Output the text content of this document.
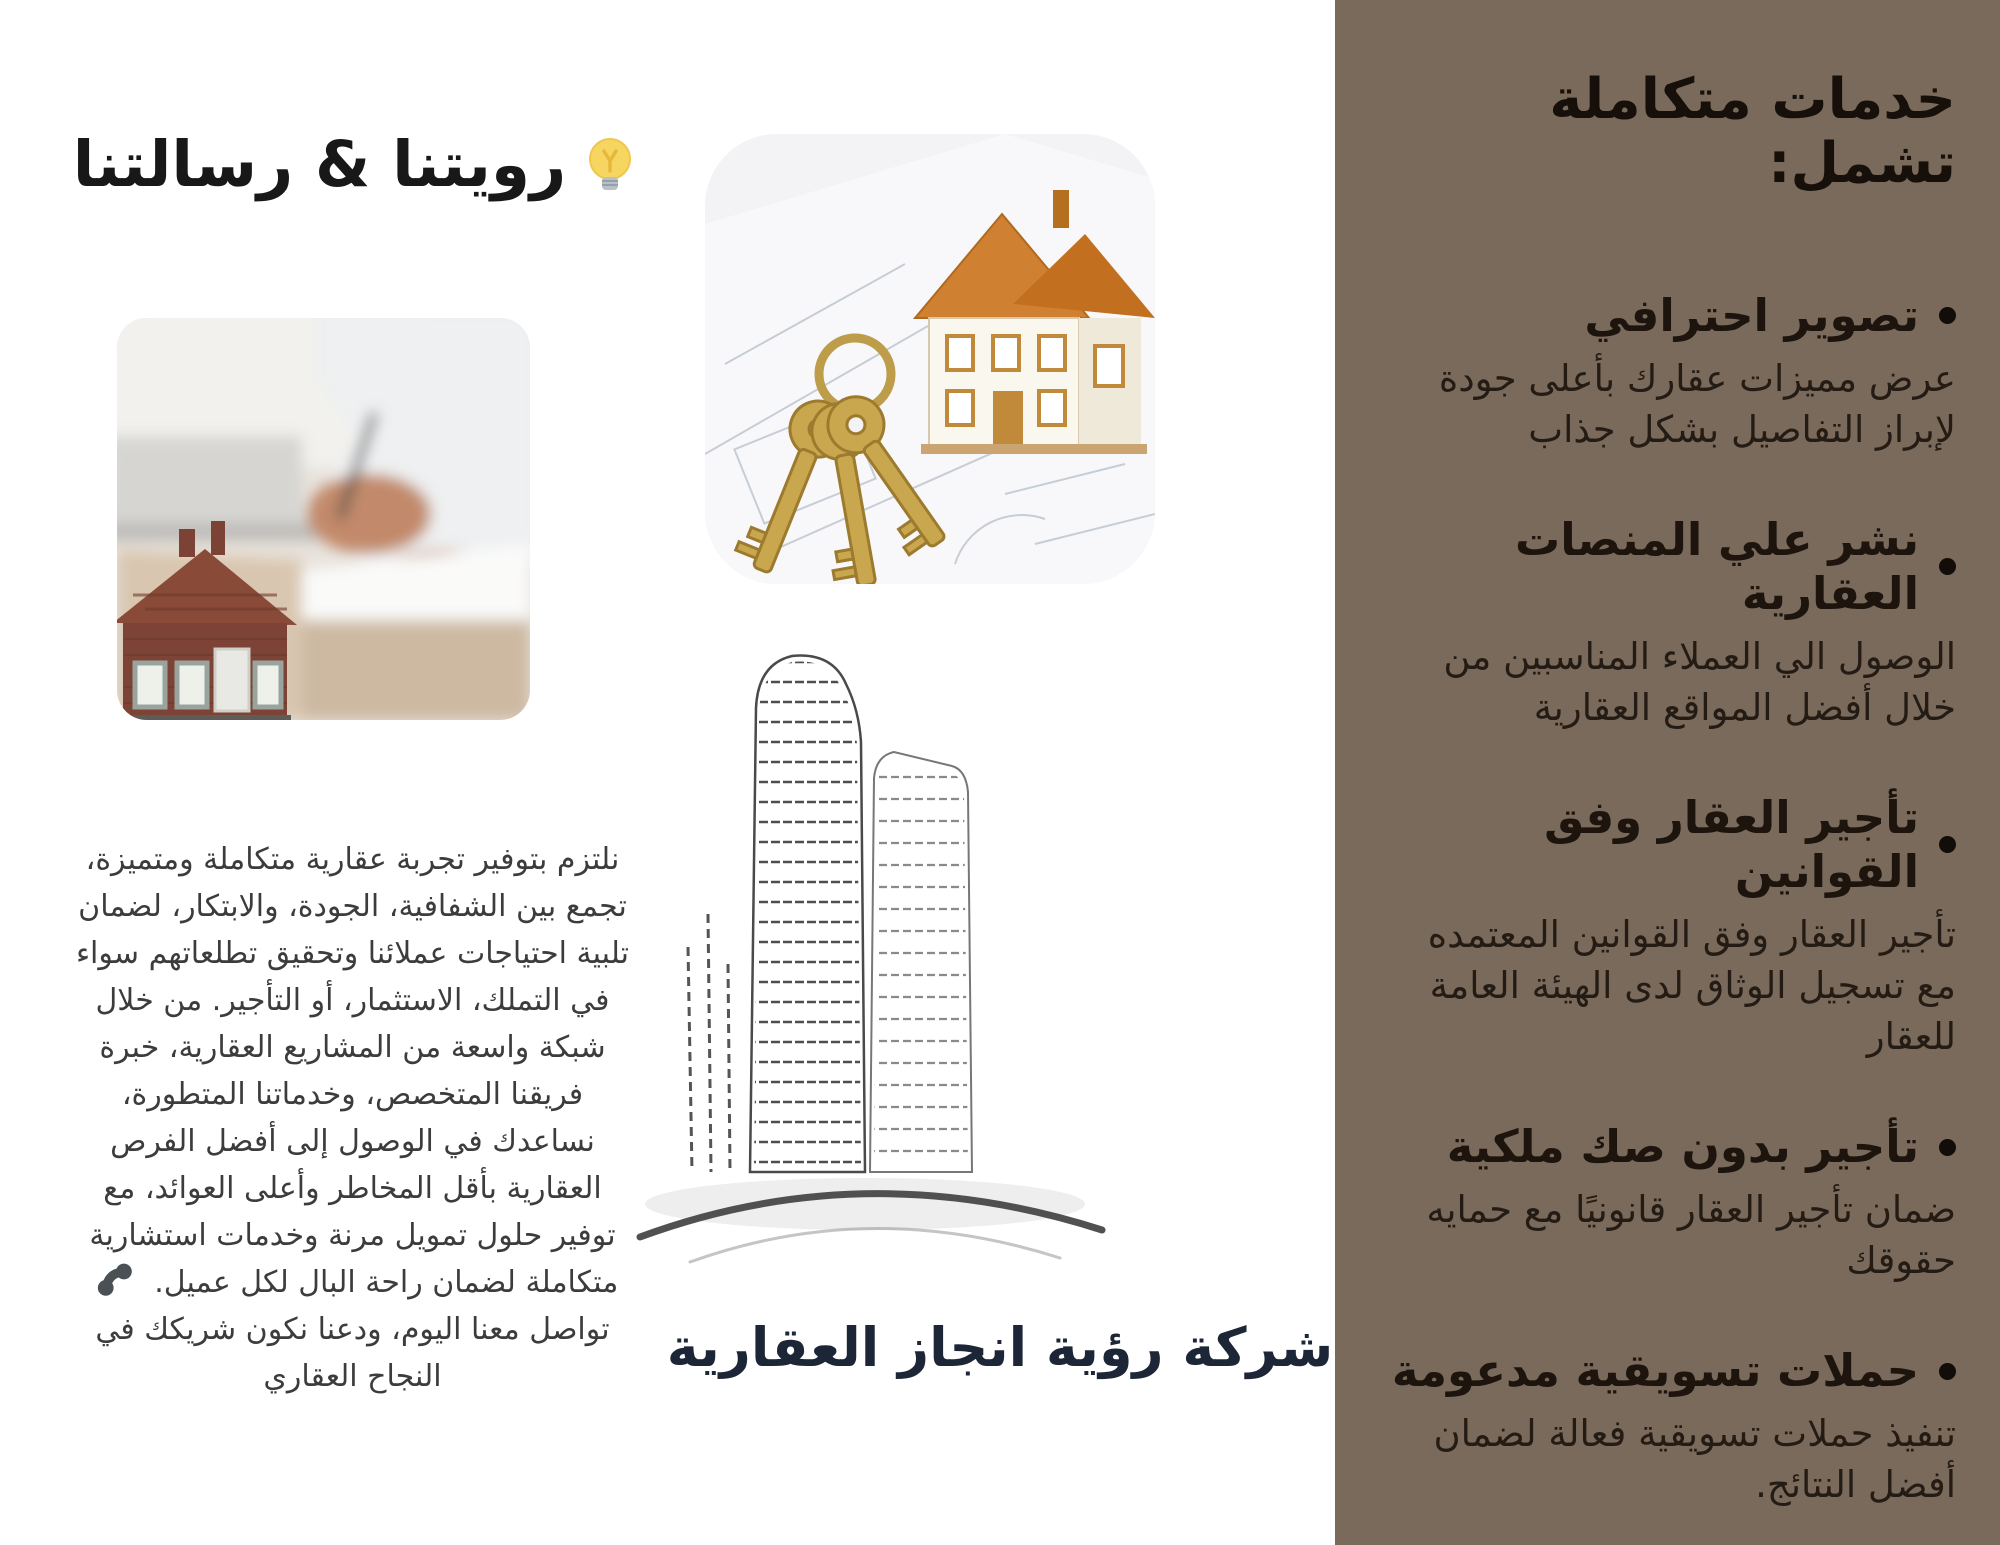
رويتنا & رسالتنا
شركة رؤية انجاز العقارية

نلتزم بتوفير تجربة عقارية متكاملة ومتميزة، تجمع بين الشفافية، الجودة، والابتكار، لضمان تلبية احتياجات عملائنا وتحقيق تطلعاتهم سواء في التملك، الاستثمار، أو التأجير. من خلال شبكة واسعة من المشاريع العقارية، خبرة فريقنا المتخصص، وخدماتنا المتطورة، نساعدك في الوصول إلى أفضل الفرص العقارية بأقل المخاطر وأعلى العوائد، مع توفير حلول تمويل مرنة وخدمات استشارية متكاملة لضمان راحة البال لكل عميل. تواصل معنا اليوم، ودعنا نكون شريكك في النجاح العقاري

خدمات متكاملة تشمل:
تصوير احترافي
عرض مميزات عقارك بأعلى جودة لإبراز التفاصيل بشكل جذاب
نشر علي المنصات العقارية
الوصول الي العملاء المناسبين من خلال أفضل المواقع العقارية
تأجير العقار وفق القوانين
تأجير العقار وفق القوانين المعتمده مع تسجيل الوثاق لدى الهيئة العامة للعقار
تأجير بدون صك ملكية
ضمان تأجير العقار قانونيًا مع حمايه حقوقك
حملات تسويقية مدعومة
تنفيذ حملات تسويقية فعالة لضمان أفضل النتائج.
